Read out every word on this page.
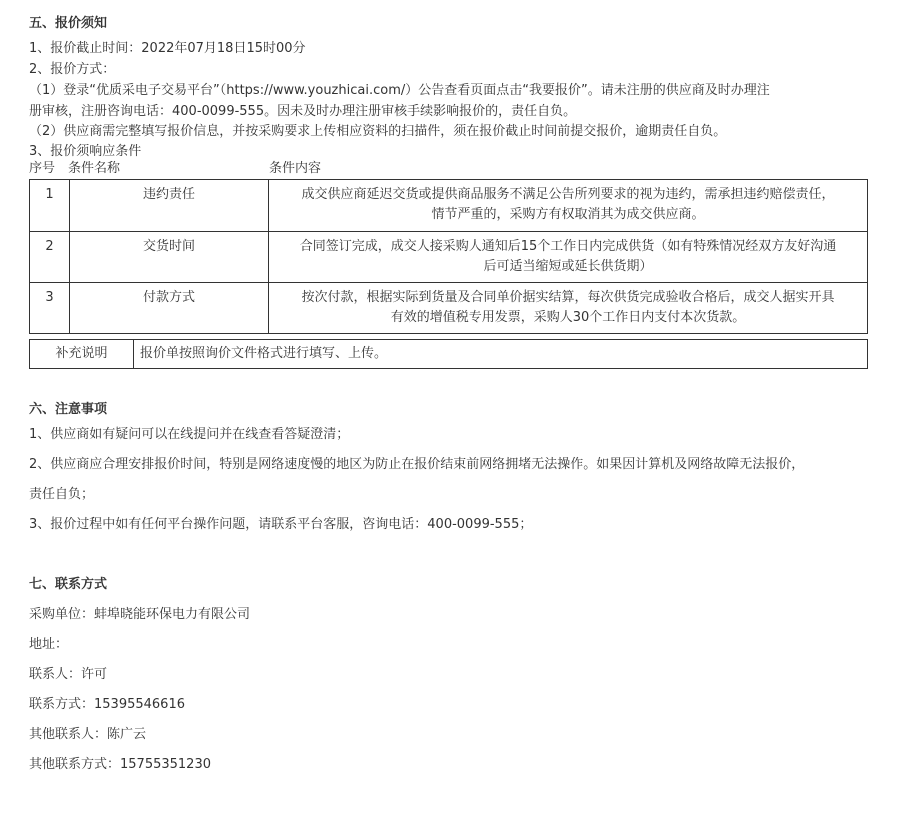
五、报价须知
1、报价截止时间：2022年07月18日15时00分
2、报价方式：
（1）登录“优质采电子交易平台”（https://www.youzhicai.com/）公告查看页面点击“我要报价”。请未注册的供应商及时办理注
册审核，注册咨询电话：400-0099-555。因未及时办理注册审核手续影响报价的，责任自负。
（2）供应商需完整填写报价信息，并按采购要求上传相应资料的扫描件，须在报价截止时间前提交报价，逾期责任自负。
3、报价须响应条件
序号 条件名称	条件内容
1	违约责任	成交供应商延迟交货或提供商品服务不满足公告所列要求的视为违约，需承担违约赔偿责任，
情节严重的，采购方有权取消其为成交供应商。

2	交货时间	合同签订完成，成交人接采购人通知后15个工作日内完成供货（如有特殊情况经双方友好沟通
后可适当缩短或延长供货期）

3	付款方式	按次付款，根据实际到货量及合同单价据实结算，每次供货完成验收合格后，成交人据实开具
有效的增值税专用发票，采购人30个工作日内支付本次货款。
补充说明	报价单按照询价文件格式进行填写、上传。
六、注意事项
1、供应商如有疑问可以在线提问并在线查看答疑澄清；
2、供应商应合理安排报价时间，特别是网络速度慢的地区为防止在报价结束前网络拥堵无法操作。如果因计算机及网络故障无法报价，
责任自负；
3、报价过程中如有任何平台操作问题，请联系平台客服，咨询电话：400-0099-555；
七、联系方式
采购单位：蚌埠晓能环保电力有限公司
地址：
联系人：许可
联系方式：15395546616
其他联系人：陈广云
其他联系方式：15755351230
